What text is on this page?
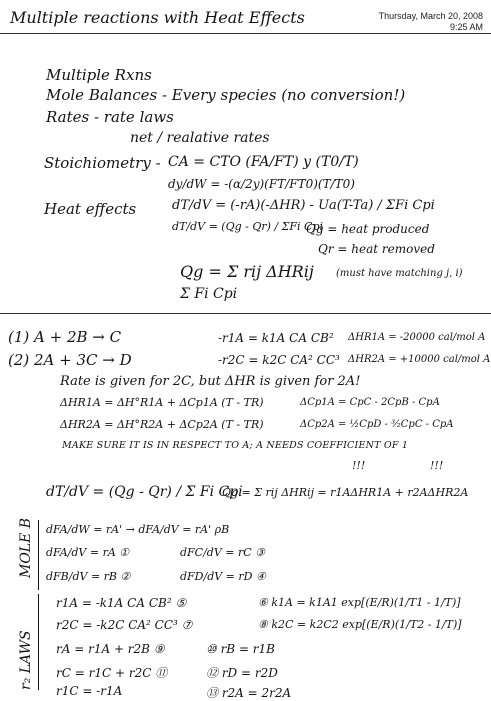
Multiple reactions with Heat Effects	Thursday, March 20, 2008
9:25 AM
Multiple Rxns
Mole Balances - Every species (no conversion!)
Rates - rate laws
net / realative rates
Stoichiometry - CA = CTO (FA/FT) y (T0/T)
dy/dW = -(α/2y)(FT/FT0)(T/T0)
Heat effects	dT/dV = (-rA)(-ΔHR) - Ua(T-Ta) / ΣFi Cpi
dT/dV = (Qg - Qr) / ΣFi Cpi
Qg = heat produced
Qr = heat removed
Qg = Σ rij ΔHRij (must have matching j, i)
Σ Fi Cpi
(1) A + 2B → C	-r1A = k1A CA CB² ΔHR1A = -20000 cal/mol A
(2) 2A + 3C → D	-r2C = k2C CA² CC³ ΔHR2A = +10000 cal/mol A
Rate is given for 2C, but ΔHR is given for 2A!
ΔHR1A = ΔH°R1A + ΔCp1A (T - TR)	ΔCp1A = CpC - 2CpB - CpA
ΔHR2A = ΔH°R2A + ΔCp2A (T - TR)	ΔCp2A = ½CpD - ³⁄₂CpC - CpA
MAKE SURE IT IS IN RESPECT TO A; A NEEDS COEFFICIENT OF 1
!!!	!!!
dT/dV = (Qg - Qr) / Σ Fi Cpi
Qg = Σ rij ΔHRij = r1AΔHR1A + r2AΔHR2A
MOLE B dFA/dW = rA' → dFA/dV = rA' ρB
dFA/dV = rA ①	dFC/dV = rC ③
dFB/dV = rB ②	dFD/dV = rD ④
r₂ LAWS
r1A = -k1A CA CB² ⑤	⑥ k1A = k1A1 exp[(E/R)(1/T1 - 1/T)]
r2C = -k2C CA² CC³ ⑦	⑧ k2C = k2C2 exp[(E/R)(1/T2 - 1/T)]
rA = r1A + r2B ⑨	⑩ rB = r1B
rC = r1C + r2C ⑪	⑫ rD = r2D
r1C = -r1A	⑬ r2A = 2r2A
